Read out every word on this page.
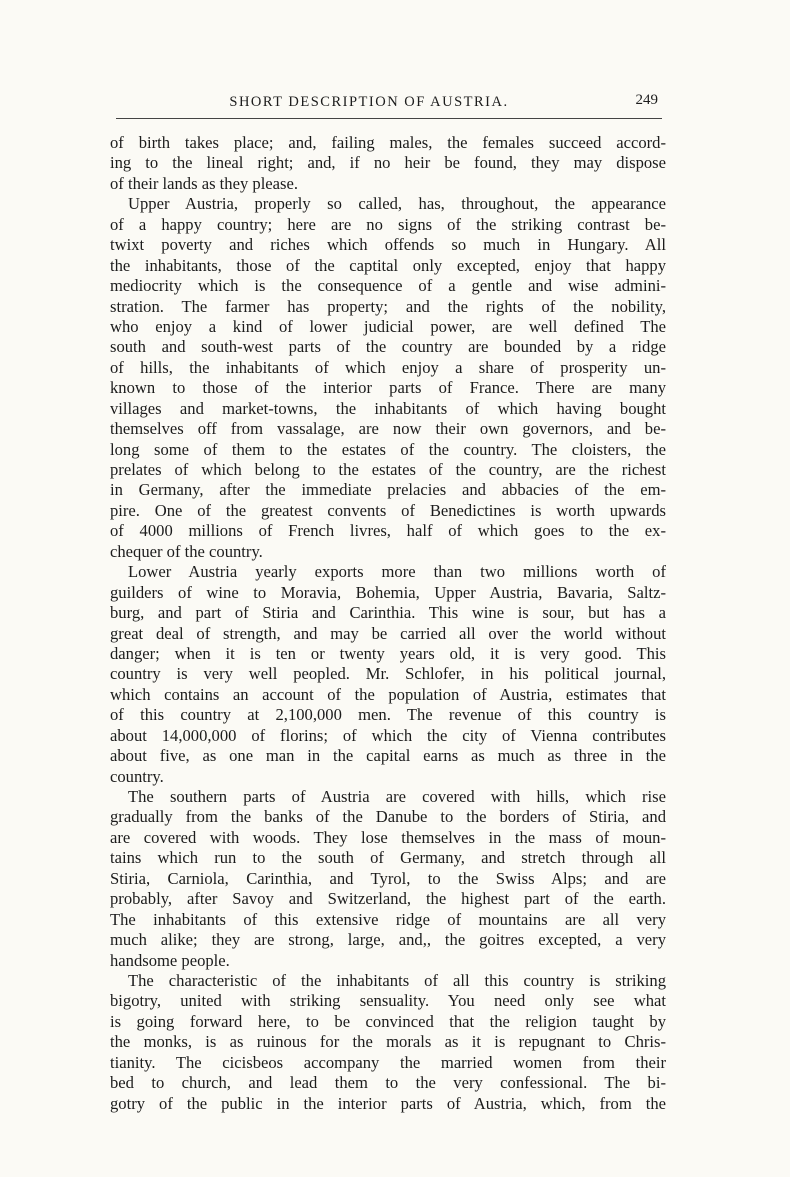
SHORT DESCRIPTION OF AUSTRIA.	249
of birth takes place; and, failing males, the females succeed accord-
ing to the lineal right; and, if no heir be found, they may dispose
of their lands as they please.
Upper Austria, properly so called, has, throughout, the appearance
of a happy country; here are no signs of the striking contrast be-
twixt poverty and riches which offends so much in Hungary. All
the inhabitants, those of the captital only excepted, enjoy that happy
mediocrity which is the consequence of a gentle and wise admini-
stration. The farmer has property; and the rights of the nobility,
who enjoy a kind of lower judicial power, are well defined The
south and south-west parts of the country are bounded by a ridge
of hills, the inhabitants of which enjoy a share of prosperity un-
known to those of the interior parts of France. There are many
villages and market-towns, the inhabitants of which having bought
themselves off from vassalage, are now their own governors, and be-
long some of them to the estates of the country. The cloisters, the
prelates of which belong to the estates of the country, are the richest
in Germany, after the immediate prelacies and abbacies of the em-
pire. One of the greatest convents of Benedictines is worth upwards
of 4000 millions of French livres, half of which goes to the ex-
chequer of the country.
Lower Austria yearly exports more than two millions worth of
guilders of wine to Moravia, Bohemia, Upper Austria, Bavaria, Saltz-
burg, and part of Stiria and Carinthia. This wine is sour, but has a
great deal of strength, and may be carried all over the world without
danger; when it is ten or twenty years old, it is very good. This
country is very well peopled. Mr. Schlofer, in his political journal,
which contains an account of the population of Austria, estimates that
of this country at 2,100,000 men. The revenue of this country is
about 14,000,000 of florins; of which the city of Vienna contributes
about five, as one man in the capital earns as much as three in the
country.
The southern parts of Austria are covered with hills, which rise
gradually from the banks of the Danube to the borders of Stiria, and
are covered with woods. They lose themselves in the mass of moun-
tains which run to the south of Germany, and stretch through all
Stiria, Carniola, Carinthia, and Tyrol, to the Swiss Alps; and are
probably, after Savoy and Switzerland, the highest part of the earth.
The inhabitants of this extensive ridge of mountains are all very
much alike; they are strong, large, and,, the goitres excepted, a very
handsome people.
The characteristic of the inhabitants of all this country is striking
bigotry, united with striking sensuality. You need only see what
is going forward here, to be convinced that the religion taught by
the monks, is as ruinous for the morals as it is repugnant to Chris-
tianity. The cicisbeos accompany the married women from their
bed to church, and lead them to the very confessional. The bi-
gotry of the public in the interior parts of Austria, which, from the
